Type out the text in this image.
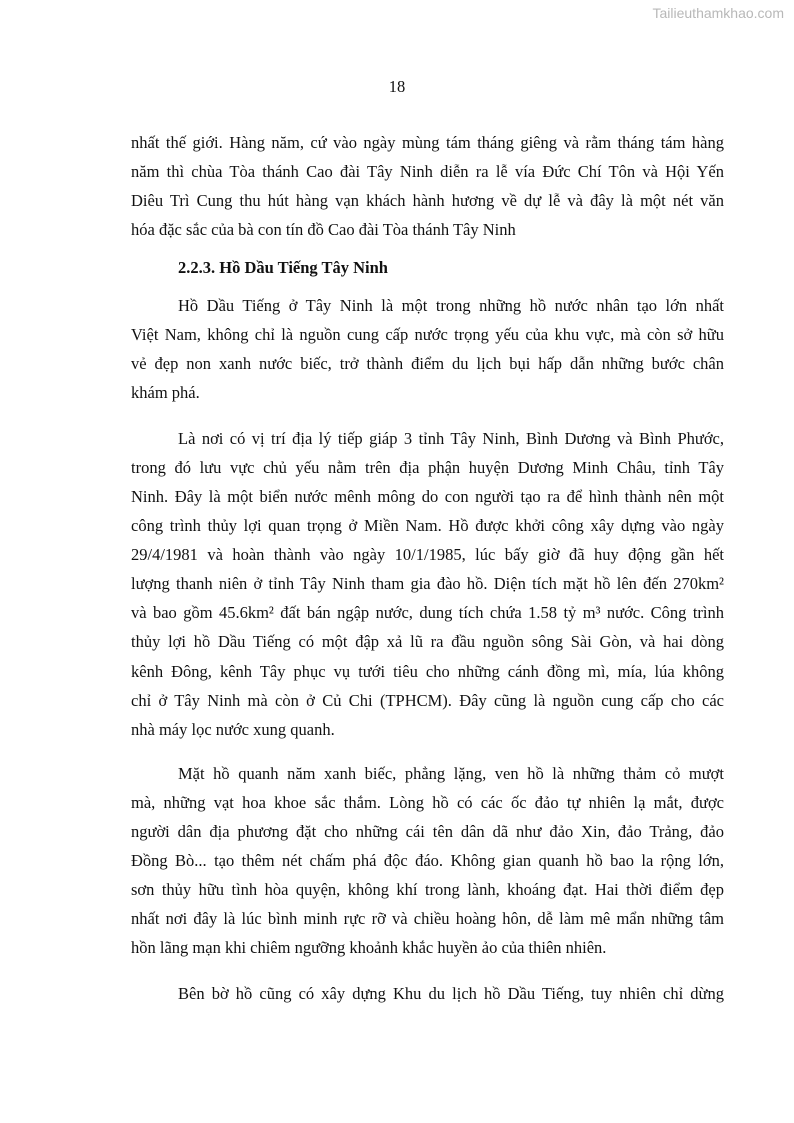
Tailieuthamkhao.com
18
nhất thế giới. Hàng năm, cứ vào ngày mùng tám tháng giêng và rằm tháng tám hàng
năm thì chùa Tòa thánh Cao đài Tây Ninh diễn ra lễ vía Đức Chí Tôn và Hội Yến
Diêu Trì Cung thu hút hàng vạn khách hành hương về dự lễ và đây là một nét văn
hóa đặc sắc của bà con tín đồ Cao đài Tòa thánh Tây Ninh
2.2.3. Hồ Dầu Tiếng Tây Ninh
Hồ Dầu Tiếng ở Tây Ninh là một trong những hồ nước nhân tạo lớn nhất
Việt Nam, không chỉ là nguồn cung cấp nước trọng yếu của khu vực, mà còn sở hữu
vẻ đẹp non xanh nước biếc, trở thành điểm du lịch bụi hấp dẫn những bước chân
khám phá.
Là nơi có vị trí địa lý tiếp giáp 3 tỉnh Tây Ninh, Bình Dương và Bình Phước,
trong đó lưu vực chủ yếu nằm trên địa phận huyện Dương Minh Châu, tỉnh Tây
Ninh. Đây là một biển nước mênh mông do con người tạo ra để hình thành nên một
công trình thủy lợi quan trọng ở Miền Nam. Hồ được khởi công xây dựng vào ngày
29/4/1981 và hoàn thành vào ngày 10/1/1985, lúc bấy giờ đã huy động gần hết
lượng thanh niên ở tỉnh Tây Ninh tham gia đào hồ. Diện tích mặt hồ lên đến 270km²
và bao gồm 45.6km² đất bán ngập nước, dung tích chứa 1.58 tỷ m³ nước. Công trình
thủy lợi hồ Dầu Tiếng có một đập xả lũ ra đầu nguồn sông Sài Gòn, và hai dòng
kênh Đông, kênh Tây phục vụ tưới tiêu cho những cánh đồng mì, mía, lúa không
chỉ ở Tây Ninh mà còn ở Củ Chi (TPHCM). Đây cũng là nguồn cung cấp cho các
nhà máy lọc nước xung quanh.
Mặt hồ quanh năm xanh biếc, phẳng lặng, ven hồ là những thảm cỏ mượt
mà, những vạt hoa khoe sắc thắm. Lòng hồ có các ốc đảo tự nhiên lạ mắt, được
người dân địa phương đặt cho những cái tên dân dã như đảo Xin, đảo Trảng, đảo
Đồng Bò... tạo thêm nét chấm phá độc đáo. Không gian quanh hồ bao la rộng lớn,
sơn thủy hữu tình hòa quyện, không khí trong lành, khoáng đạt. Hai thời điểm đẹp
nhất nơi đây là lúc bình minh rực rỡ và chiều hoàng hôn, dễ làm mê mẩn những tâm
hồn lãng mạn khi chiêm ngưỡng khoảnh khắc huyền ảo của thiên nhiên.
Bên bờ hồ cũng có xây dựng Khu du lịch hồ Dầu Tiếng, tuy nhiên chỉ dừng
